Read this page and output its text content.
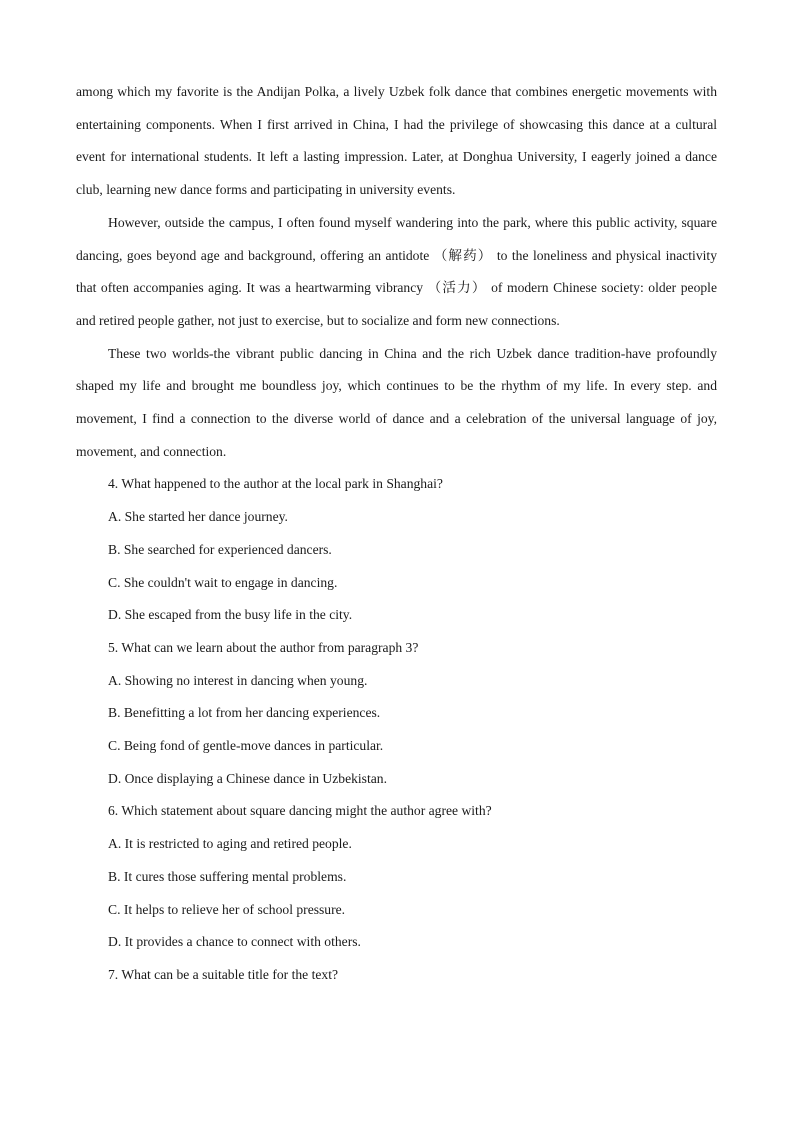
among which my favorite is the Andijan Polka, a lively Uzbek folk dance that combines energetic movements with entertaining components. When I first arrived in China, I had the privilege of showcasing this dance at a cultural event for international students. It left a lasting impression. Later, at Donghua University, I eagerly joined a dance club, learning new dance forms and participating in university events.

However, outside the campus, I often found myself wandering into the park, where this public activity, square dancing, goes beyond age and background, offering an antidote （解药） to the loneliness and physical inactivity that often accompanies aging. It was a heartwarming vibrancy （活力） of modern Chinese society: older people and retired people gather, not just to exercise, but to socialize and form new connections.

These two worlds-the vibrant public dancing in China and the rich Uzbek dance tradition-have profoundly shaped my life and brought me boundless joy, which continues to be the rhythm of my life. In every step. and movement, I find a connection to the diverse world of dance and a celebration of the universal language of joy, movement, and connection.

4. What happened to the author at the local park in Shanghai?

A. She started her dance journey.

B. She searched for experienced dancers.

C. She couldn't wait to engage in dancing.

D. She escaped from the busy life in the city.

5. What can we learn about the author from paragraph 3?

A. Showing no interest in dancing when young.

B. Benefitting a lot from her dancing experiences.

C. Being fond of gentle-move dances in particular.

D. Once displaying a Chinese dance in Uzbekistan.

6. Which statement about square dancing might the author agree with?

A. It is restricted to aging and retired people.

B. It cures those suffering mental problems.

C. It helps to relieve her of school pressure.

D. It provides a chance to connect with others.

7. What can be a suitable title for the text?
